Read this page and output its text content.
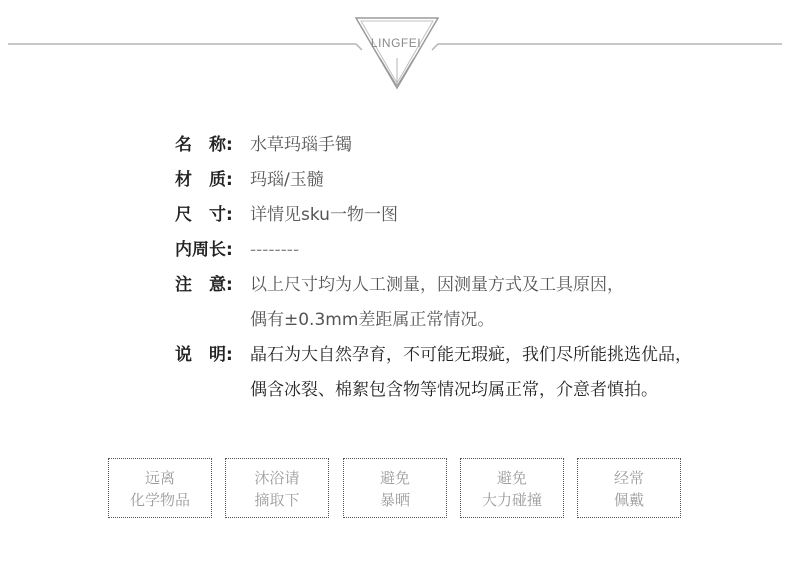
LINGFEI
名　称:	水草玛瑙手镯
材　质:	玛瑙/玉髓
尺　寸:	详情见sku一物一图
内周长:	--------
注　意:	以上尺寸均为人工测量，因测量方式及工具原因，
偶有±0.3mm差距属正常情况。
说　明:	晶石为大自然孕育，不可能无瑕疵，我们尽所能挑选优品，
偶含冰裂、棉絮包含物等情况均属正常，介意者慎拍。
远离
化学物品
沐浴请
摘取下
避免
暴晒
避免
大力碰撞
经常
佩戴
